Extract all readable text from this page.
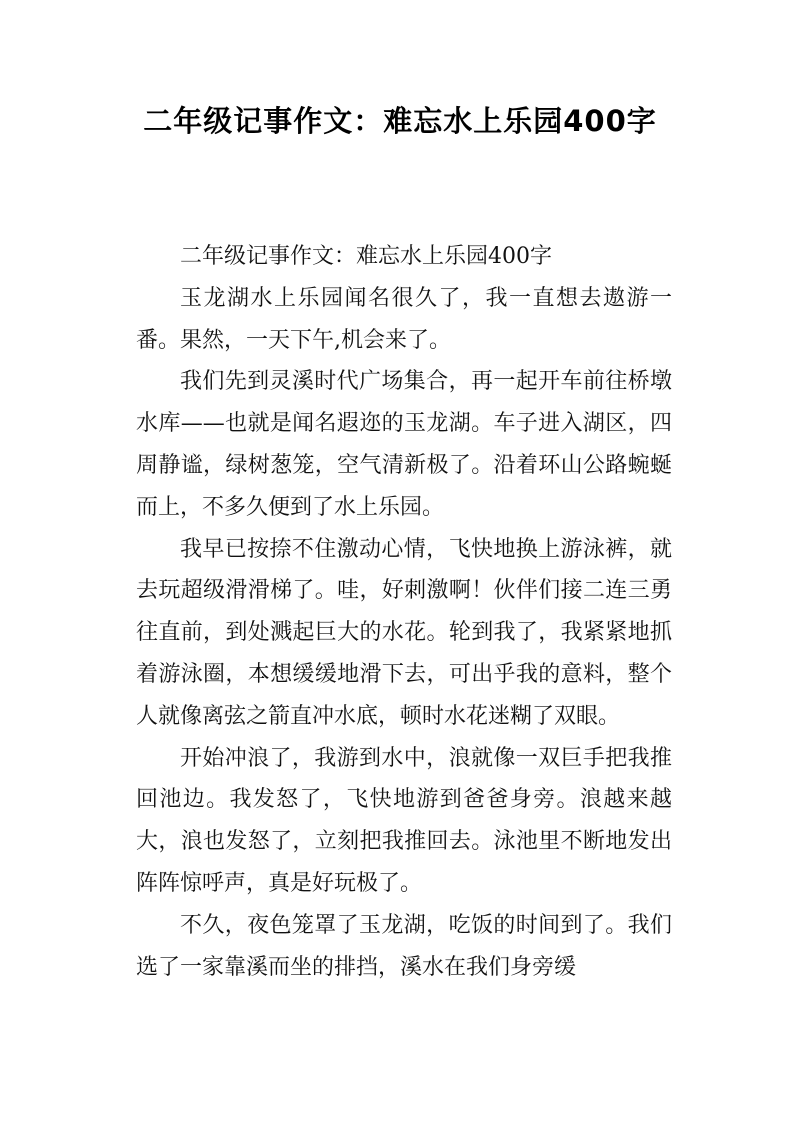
二年级记事作文：难忘水上乐园400字

二年级记事作文：难忘水上乐园400字

玉龙湖水上乐园闻名很久了，我一直想去遨游一番。果然，一天下午,机会来了。

我们先到灵溪时代广场集合，再一起开车前往桥墩水库——也就是闻名遐迩的玉龙湖。车子进入湖区，四周静谧，绿树葱笼，空气清新极了。沿着环山公路蜿蜒而上，不多久便到了水上乐园。

我早已按捺不住激动心情，飞快地换上游泳裤，就去玩超级滑滑梯了。哇，好刺激啊！伙伴们接二连三勇往直前，到处溅起巨大的水花。轮到我了，我紧紧地抓着游泳圈，本想缓缓地滑下去，可出乎我的意料，整个人就像离弦之箭直冲水底，顿时水花迷糊了双眼。

开始冲浪了，我游到水中，浪就像一双巨手把我推回池边。我发怒了，飞快地游到爸爸身旁。浪越来越大，浪也发怒了，立刻把我推回去。泳池里不断地发出阵阵惊呼声，真是好玩极了。

不久，夜色笼罩了玉龙湖，吃饭的时间到了。我们选了一家靠溪而坐的排挡，溪水在我们身旁缓
